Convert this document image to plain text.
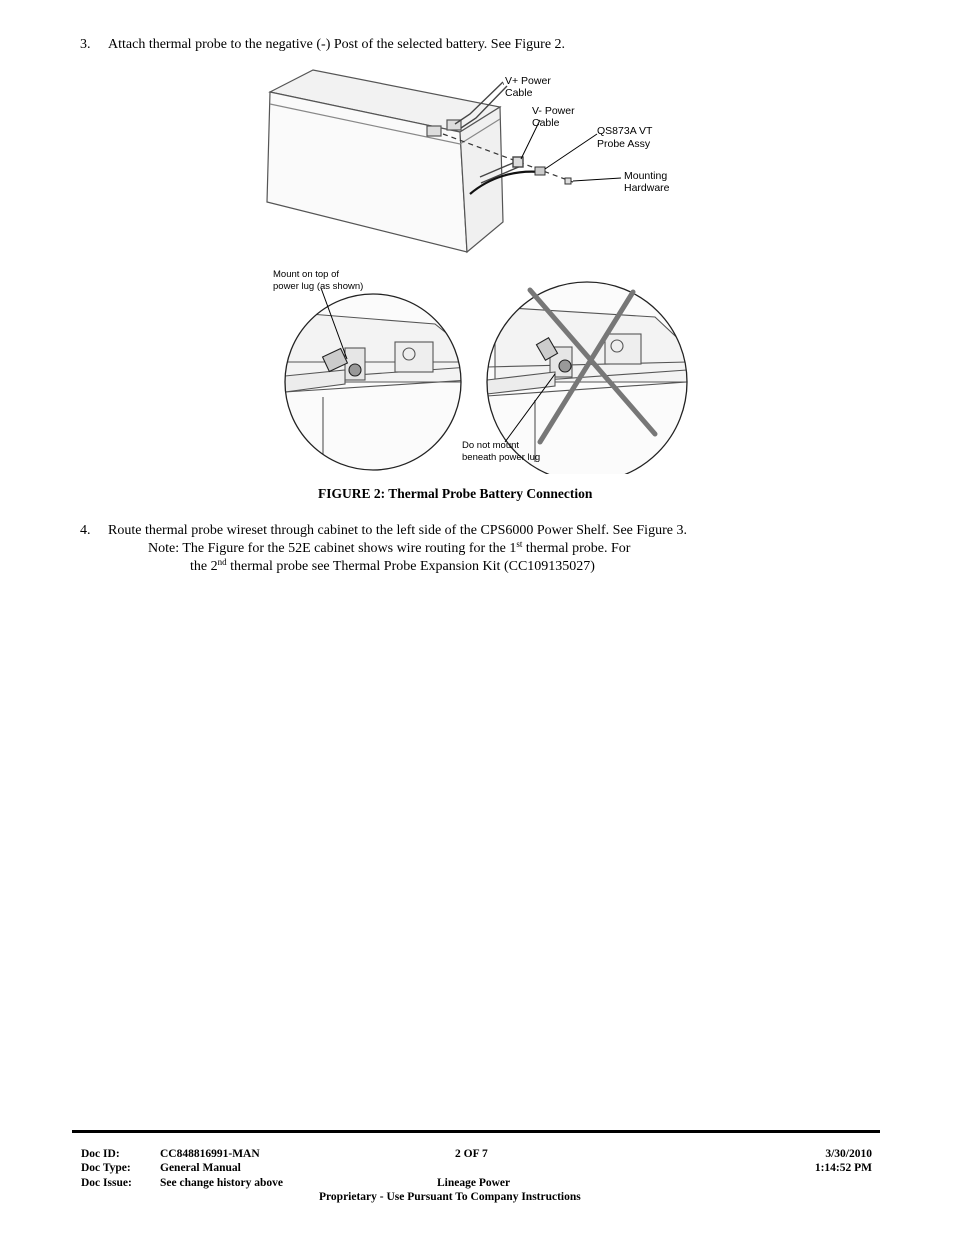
3. Attach thermal probe to the negative (-) Post of the selected battery. See Figure 2.
V+ Power
Cable
V- Power
Cable
QS873A VT
Probe Assy
Mounting
Hardware
Mount on top of
power lug (as shown)
Do not mount
beneath power lug
FIGURE 2: Thermal Probe Battery Connection
4. Route thermal probe wireset through cabinet to the left side of the CPS6000 Power Shelf. See Figure 3.
Note: The Figure for the 52E cabinet shows wire routing for the 1st thermal probe. For
the 2nd thermal probe see Thermal Probe Expansion Kit (CC109135027)
Doc ID:	CC848816991-MAN
Doc Type:	General Manual
Doc Issue: See change history above
2 OF 7
Lineage Power
Proprietary - Use Pursuant To Company Instructions
3/30/2010
1:14:52 PM
